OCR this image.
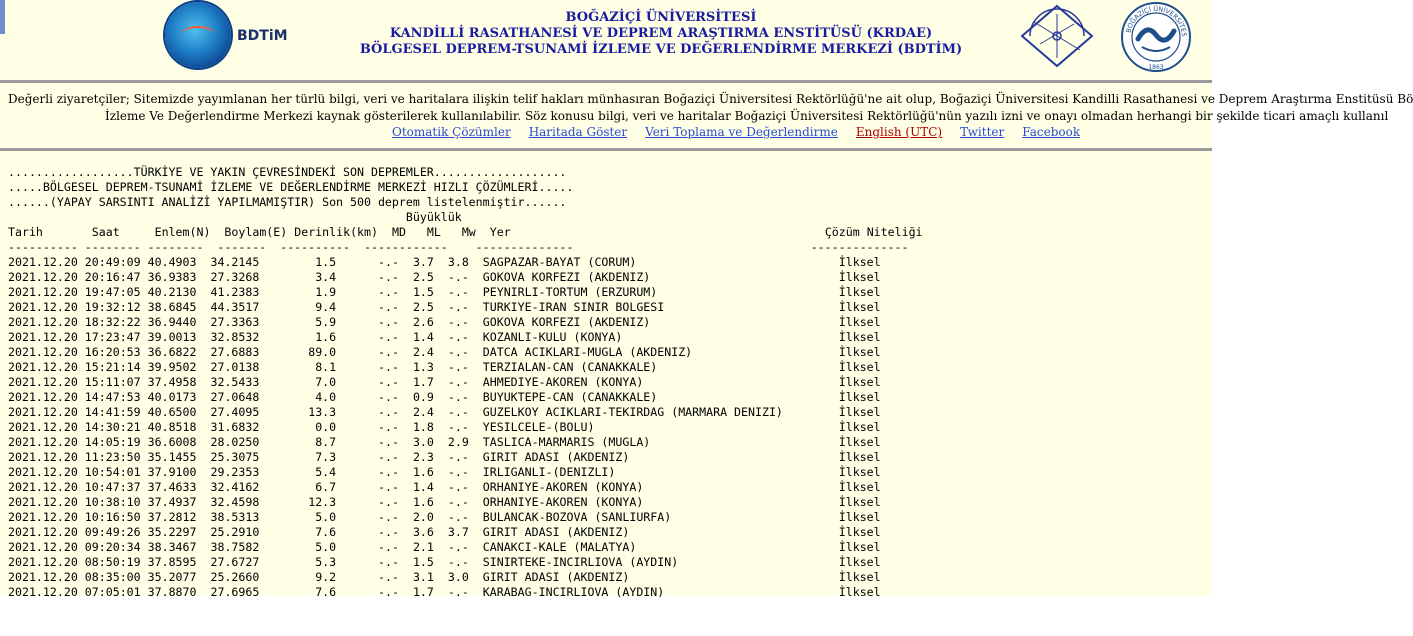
BDTiM
BOĞAZİÇİ ÜNİVERSİTESİ
KANDİLLİ RASATHANESİ VE DEPREM ARAŞTIRMA ENSTİTÜSÜ (KRDAE)
BÖLGESEL DEPREM-TSUNAMİ İZLEME VE DEĞERLENDİRME MERKEZİ (BDTİM)
BOĞAZİÇİ ÜNİVERSİTES
1863
Değerli ziyaretçiler; Sitemizde yayımlanan her türlü bilgi, veri ve haritalara ilişkin telif hakları münhasıran Boğaziçi Üniversitesi Rektörlüğü'ne ait olup, Boğaziçi Üniversitesi Kandilli Rasathanesi ve Deprem Araştırma Enstitüsü Bö
İzleme Ve Değerlendirme Merkezi kaynak gösterilerek kullanılabilir. Söz konusu bilgi, veri ve haritalar Boğaziçi Üniversitesi Rektörlüğü'nün yazılı izni ve onayı olmadan herhangi bir şekilde ticari amaçlı kullanıl
Otomatik Çözümler Haritada Göster Veri Toplama ve Değerlendirme English (UTC) Twitter Facebook
..................TÜRKİYE VE YAKIN ÇEVRESİNDEKİ SON DEPREMLER...................
.....BÖLGESEL DEPREM-TSUNAMİ İZLEME VE DEĞERLENDİRME MERKEZİ HIZLI ÇÖZÜMLERİ.....
......(YAPAY SARSINTI ANALİZİ YAPILMAMIŞTIR) Son 500 deprem listelenmiştir......
Büyüklük
Tarih	Saat	Enlem(N) Boylam(E) Derinlik(km) MD ML Mw Yer	Çözüm Niteliği
---------- -------- --------  -------  ----------  ------------    --------------                                  --------------
2021.12.20 20:49:09 40.4903 34.2145        1.5	-.-  3.7  3.8 SAGPAZAR-BAYAT (CORUM)                             İlksel
2021.12.20 20:16:47 36.9383 27.3268        3.4	-.-  2.5  -.- GOKOVA KORFEZI (AKDENIZ)                           İlksel
2021.12.20 19:47:05 40.2130 41.2383        1.9	-.-  1.5  -.- PEYNIRLI-TORTUM (ERZURUM)                          İlksel
2021.12.20 19:32:12 38.6845 44.3517        9.4	-.-  2.5  -.- TURKIYE-IRAN SINIR BOLGESI                         İlksel
2021.12.20 18:32:22 36.9440 27.3363        5.9	-.-  2.6  -.- GOKOVA KORFEZI (AKDENIZ)                           İlksel
2021.12.20 17:23:47 39.0013 32.8532        1.6	-.-  1.4  -.- KOZANLI-KULU (KONYA)                               İlksel
2021.12.20 16:20:53 36.6822 27.6883       89.0	-.-  2.4  -.- DATCA ACIKLARI-MUGLA (AKDENIZ)                     İlksel
2021.12.20 15:21:14 39.9502 27.0138        8.1	-.-  1.3  -.- TERZIALAN-CAN (CANAKKALE)                          İlksel
2021.12.20 15:11:07 37.4958 32.5433        7.0	-.-  1.7  -.- AHMEDIYE-AKOREN (KONYA)                            İlksel
2021.12.20 14:47:53 40.0173 27.0648        4.0	-.-  0.9  -.- BUYUKTEPE-CAN (CANAKKALE)                          İlksel
2021.12.20 14:41:59 40.6500 27.4095       13.3	-.-  2.4  -.- GUZELKOY ACIKLARI-TEKIRDAG (MARMARA DENIZI)        İlksel
2021.12.20 14:30:21 40.8518 31.6832        0.0	-.-  1.8  -.- YESILCELE-(BOLU)                                   İlksel
2021.12.20 14:05:19 36.6008 28.0250        8.7	-.-  3.0  2.9 TASLICA-MARMARIS (MUGLA)                           İlksel
2021.12.20 11:23:50 35.1455 25.3075        7.3	-.-  2.3  -.- GIRIT ADASI (AKDENIZ)                              İlksel
2021.12.20 10:54:01 37.9100 29.2353        5.4	-.-  1.6  -.- IRLIGANLI-(DENIZLI)                                İlksel
2021.12.20 10:47:37 37.4633 32.4162        6.7	-.-  1.4  -.- ORHANIYE-AKOREN (KONYA)                            İlksel
2021.12.20 10:38:10 37.4937 32.4598       12.3	-.-  1.6  -.- ORHANIYE-AKOREN (KONYA)                            İlksel
2021.12.20 10:16:50 37.2812 38.5313        5.0	-.-  2.0  -.- BULANCAK-BOZOVA (SANLIURFA)                        İlksel
2021.12.20 09:49:26 35.2297 25.2910        7.6	-.-  3.6  3.7 GIRIT ADASI (AKDENIZ)                              İlksel
2021.12.20 09:20:34 38.3467 38.7582        5.0	-.-  2.1  -.- CANAKCI-KALE (MALATYA)                             İlksel
2021.12.20 08:50:19 37.8595 27.6727        5.3	-.-  1.5  -.- SINIRTEKE-INCIRLIOVA (AYDIN)                       İlksel
2021.12.20 08:35:00 35.2077 25.2660        9.2	-.-  3.1  3.0 GIRIT ADASI (AKDENIZ)                              İlksel
2021.12.20 07:05:01 37.8870 27.6965        7.6	-.-  1.7  -.- KARABAG-INCIRLIOVA (AYDIN)                         İlksel
